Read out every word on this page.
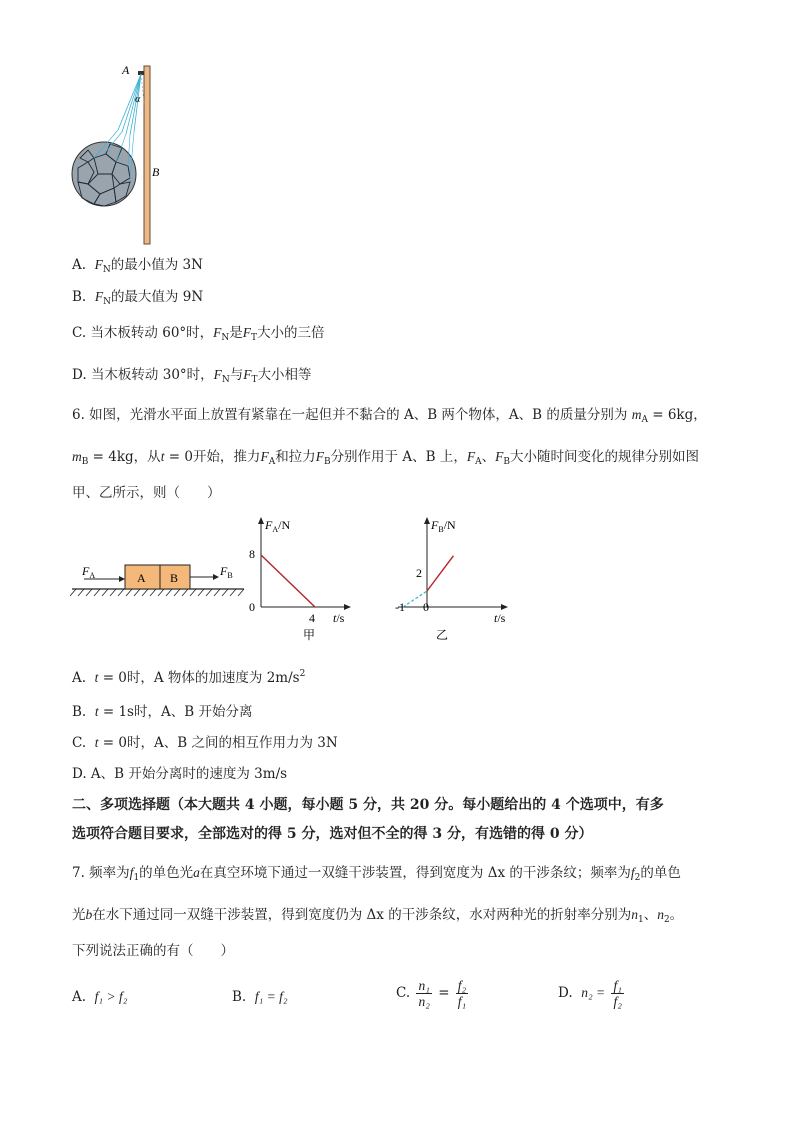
A
α
B
A. $F_N$的最小值为 3N
B. $F_N$的最大值为 9N
C. 当木板转动 60°时，$F_N$是$F_T$大小的三倍
D. 当木板转动 30°时，$F_N$与$F_T$大小相等
6. 如图，光滑水平面上放置有紧靠在一起但并不黏合的 A、B 两个物体，A、B 的质量分别为 $m_A = 6kg$，
$m_B = 4kg$，从t = 0开始，推力$F_A$和拉力$F_B$分别作用于 A、B 上，$F_A$、$F_B$大小随时间变化的规律分别如图
甲、乙所示，则（　　）
A B
$F_A$	$F_B$
$F_A/N$
8
0
4 t/s
甲
$F_B/N$
2
-1 0
t/s
乙
A. t = 0时，A 物体的加速度为 $2m/s^2$
B. t = 1s时，A、B 开始分离
C. t = 0时，A、B 之间的相互作用力为 3N
D. A、B 开始分离时的速度为 3m/s
二、多项选择题（本大题共 4 小题，每小题 5 分，共 20 分。每小题给出的 4 个选项中，有多
选项符合题目要求，全部选对的得 5 分，选对但不全的得 3 分，有选错的得 0 分）
7. 频率为$f_1$的单色光a在真空环境下通过一双缝干涉装置，得到宽度为 Δx 的干涉条纹；频率为$f_2$的单色
光b在水下通过同一双缝干涉装置，得到宽度仍为 Δx 的干涉条纹，水对两种光的折射率分别为$n_1$、$n_2$。
下列说法正确的有（　　）
A. f₁ > f₂	B. f₁ = f₂	C. $\frac{\text{n₁}}{\text{n₂}} = \frac{\text{f₂}}{\text{f₁}}$	D. $n_2 = \frac{\text{f₁}}{\text{f₂}}$
